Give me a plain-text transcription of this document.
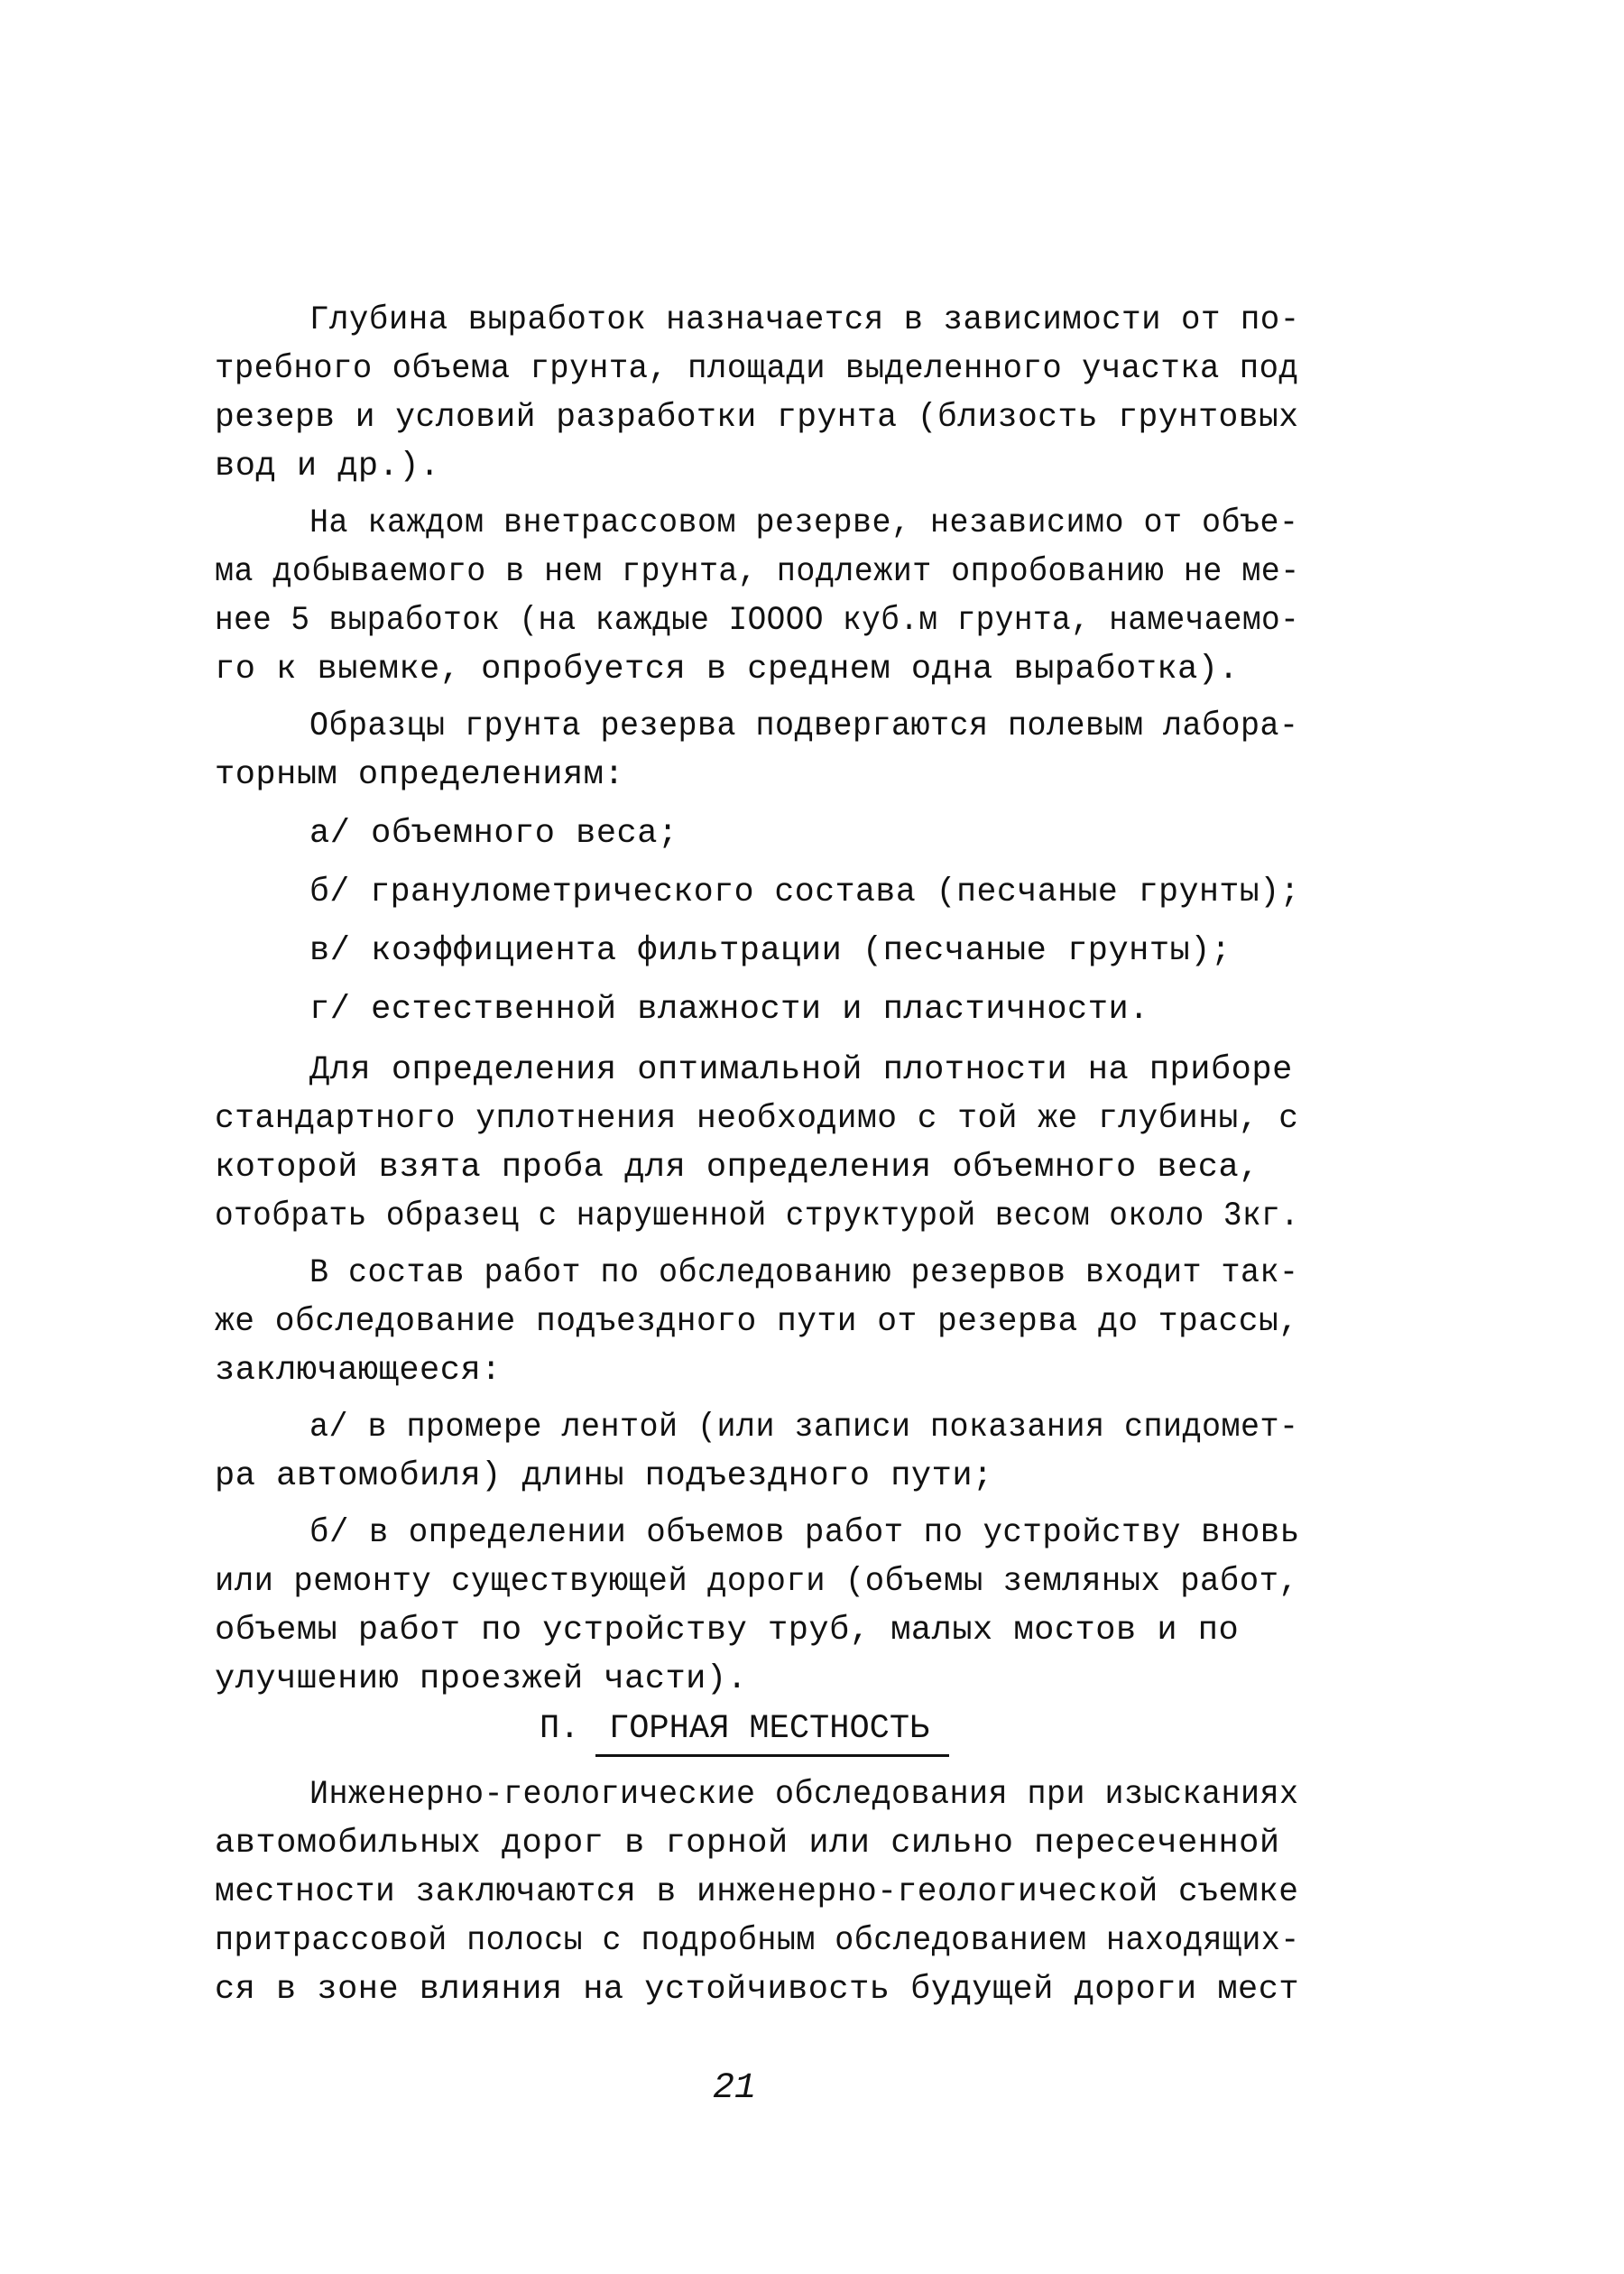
Глубина выработок назначается в зависимости от по-
требного объема грунта, площади выделенного участка под
резерв и условий разработки грунта (близость грунтовых
вод и др.).
На каждом внетрассовом резерве, независимо от объе-
ма добываемого в нем грунта, подлежит опробованию не ме-
нее 5 выработок (на каждые IOOOO куб.м грунта, намечаемо-
го к выемке, опробуется в среднем одна выработка).
Образцы грунта резерва подвергаются полевым лабора-
торным определениям:
а/ объемного веса;
б/ гранулометрического состава (песчаные грунты);
в/ коэффициента фильтрации (песчаные грунты);
г/ естественной влажности и пластичности.
Для определения оптимальной плотности на приборе
стандартного уплотнения необходимо с той же глубины, с
которой взята проба для определения объемного веса,
отобрать образец с нарушенной структурой весом около 3кг.
В состав работ по обследованию резервов входит так-
же обследование подъездного пути от резерва до трассы,
заключающееся:
а/ в промере лентой (или записи показания спидомет-
ра автомобиля) длины подъездного пути;
б/ в определении объемов работ по устройству вновь
или ремонту существующей дороги (объемы земляных работ,
объемы работ по устройству труб, малых мостов и по
улучшению проезжей части).
П. ГОРНАЯ МЕСТНОСТЬ
Инженерно-геологические обследования при изысканиях
автомобильных дорог в горной или сильно пересеченной
местности заключаются в инженерно-геологической съемке
притрассовой полосы с подробным обследованием находящих-
ся в зоне влияния на устойчивость будущей дороги мест
21
